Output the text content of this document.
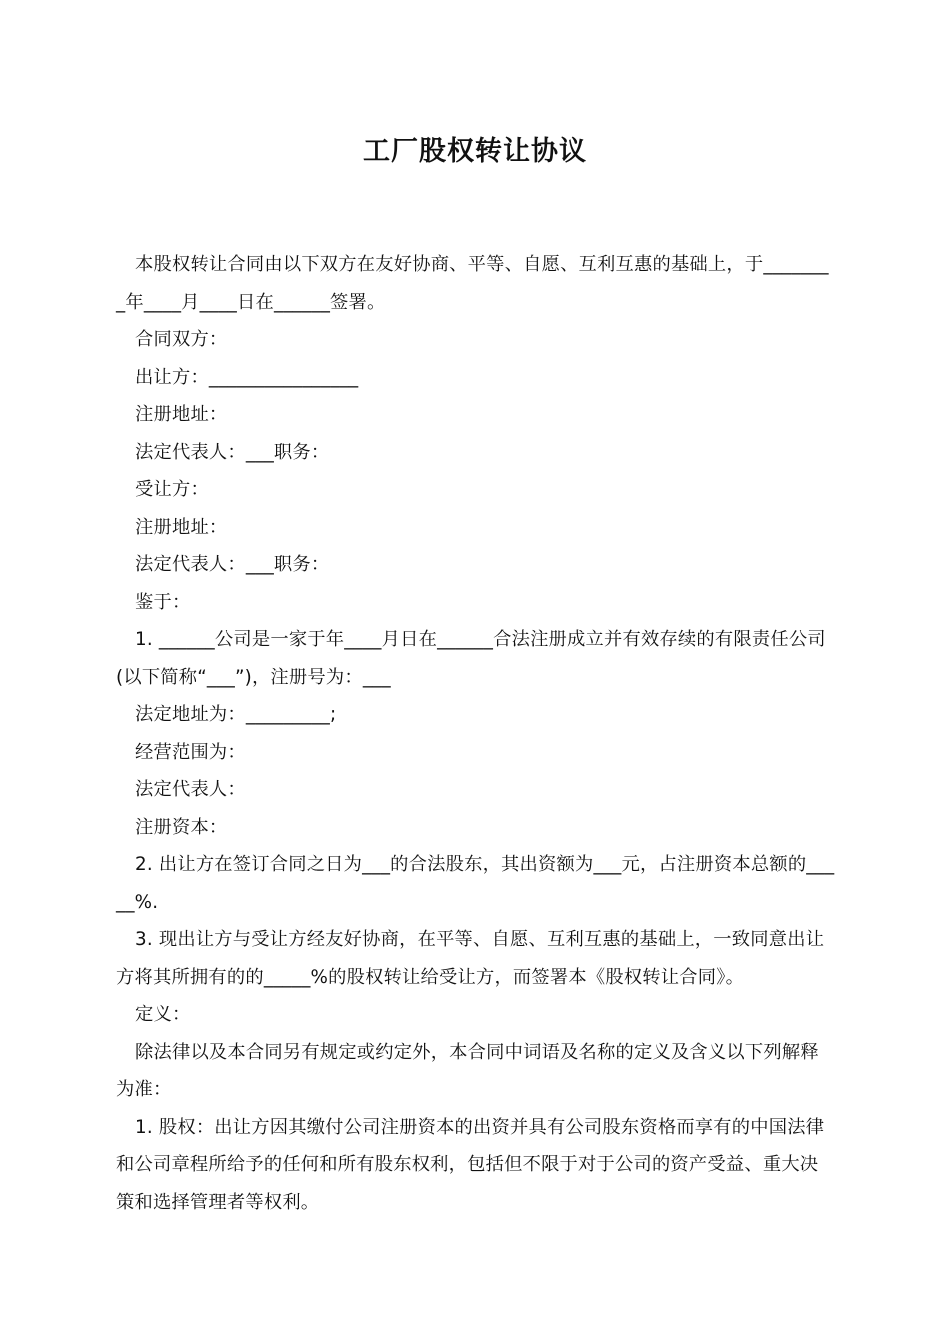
工厂股权转让协议

本股权转让合同由以下双方在友好协商、平等、自愿、互利互惠的基础上，于________年____月____日在______签署。

合同双方：

出让方：________________

注册地址：

法定代表人：___职务：

受让方：

注册地址：

法定代表人：___职务：

鉴于：

1. ______公司是一家于年____月日在______合法注册成立并有效存续的有限责任公司(以下简称“___”)，注册号为：___

法定地址为：_________;

经营范围为：

法定代表人：

注册资本：

2. 出让方在签订合同之日为___的合法股东，其出资额为___元，占注册资本总额的_____%.

3. 现出让方与受让方经友好协商，在平等、自愿、互利互惠的基础上，一致同意出让方将其所拥有的的_____%的股权转让给受让方，而签署本《股权转让合同》。

定义：

除法律以及本合同另有规定或约定外，本合同中词语及名称的定义及含义以下列解释为准：

1. 股权：出让方因其缴付公司注册资本的出资并具有公司股东资格而享有的中国法律和公司章程所给予的任何和所有股东权利，包括但不限于对于公司的资产受益、重大决策和选择管理者等权利。
